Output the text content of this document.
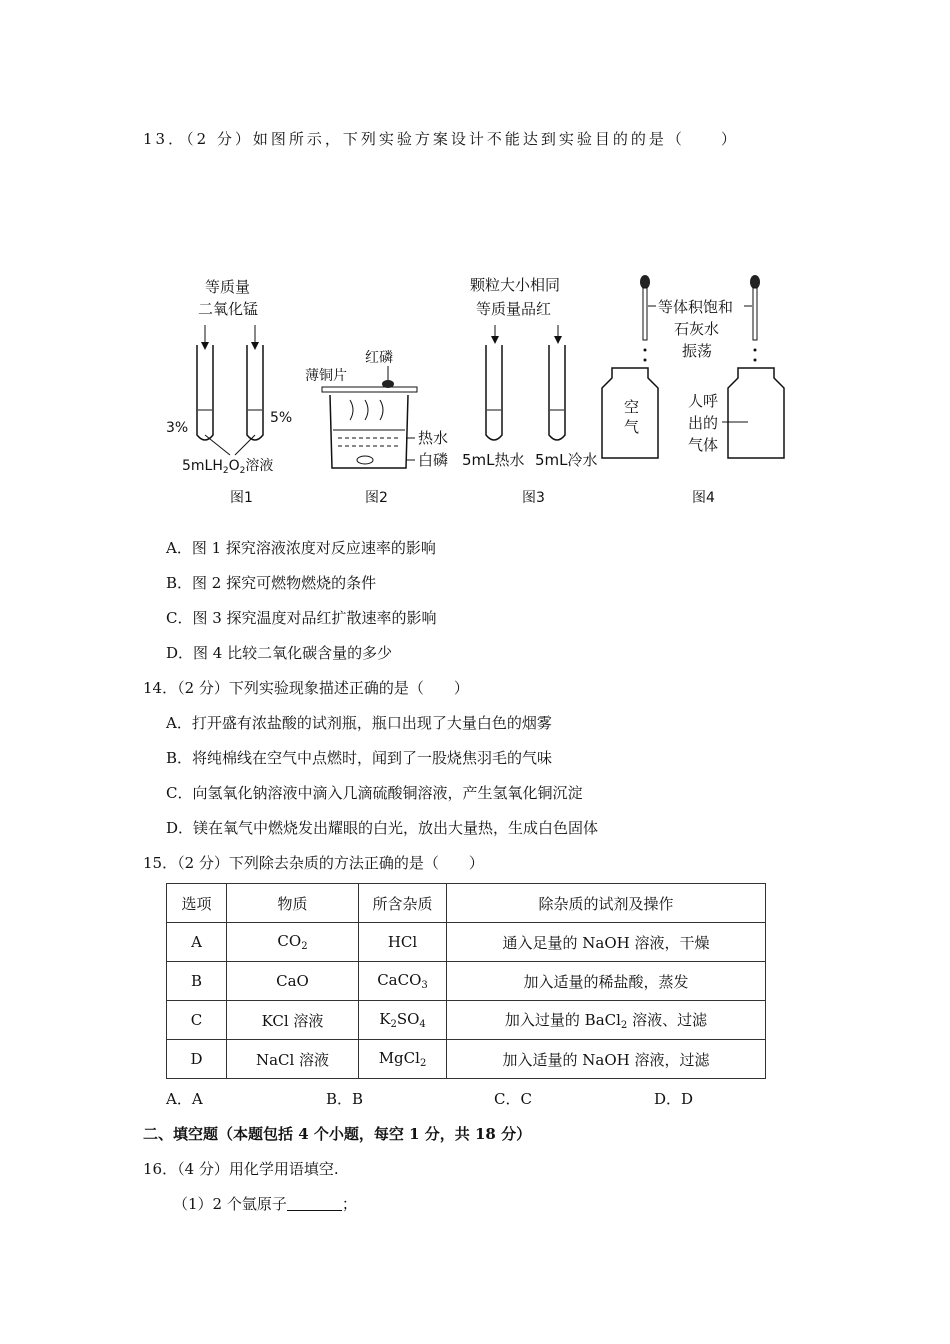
13．（2 分）如图所示，下列实验方案设计不能达到实验目的的是（　　）
等质量
二氧化锰
3%
5%
$5mLH_2O_2$溶液
图1
薄铜片
红磷
热水
白磷
图2
颗粒大小相同
等质量品红
5mL热水 5mL冷水
图3
等体积饱和
石灰水
振荡
空
气
人呼
出的
气体
图4
A．图 1 探究溶液浓度对反应速率的影响
B．图 2 探究可燃物燃烧的条件
C．图 3 探究温度对品红扩散速率的影响
D．图 4 比较二氧化碳含量的多少
14．（2 分）下列实验现象描述正确的是（　　）
A．打开盛有浓盐酸的试剂瓶，瓶口出现了大量白色的烟雾
B．将纯棉线在空气中点燃时，闻到了一股烧焦羽毛的气味
C．向氢氧化钠溶液中滴入几滴硫酸铜溶液，产生氢氧化铜沉淀
D．镁在氧气中燃烧发出耀眼的白光，放出大量热，生成白色固体
15．（2 分）下列除去杂质的方法正确的是（　　）
选项	物质	所含杂质	除杂质的试剂及操作
A	$CO_2$	HCl	通入足量的 NaOH 溶液，干燥
B	CaO	CaCO$_3$	加入适量的稀盐酸，蒸发
C	KCl 溶液	$K_2SO_4$	加入过量的 BaCl$_2$ 溶液、过滤
D	NaCl 溶液	MgCl$_2$	加入适量的 NaOH 溶液，过滤
A．A	B．B	C．C	D．D
二、填空题（本题包括 4 个小题，每空 1 分，共 18 分）
16．（4 分）用化学用语填空.
（1）2 个氩原子	；
